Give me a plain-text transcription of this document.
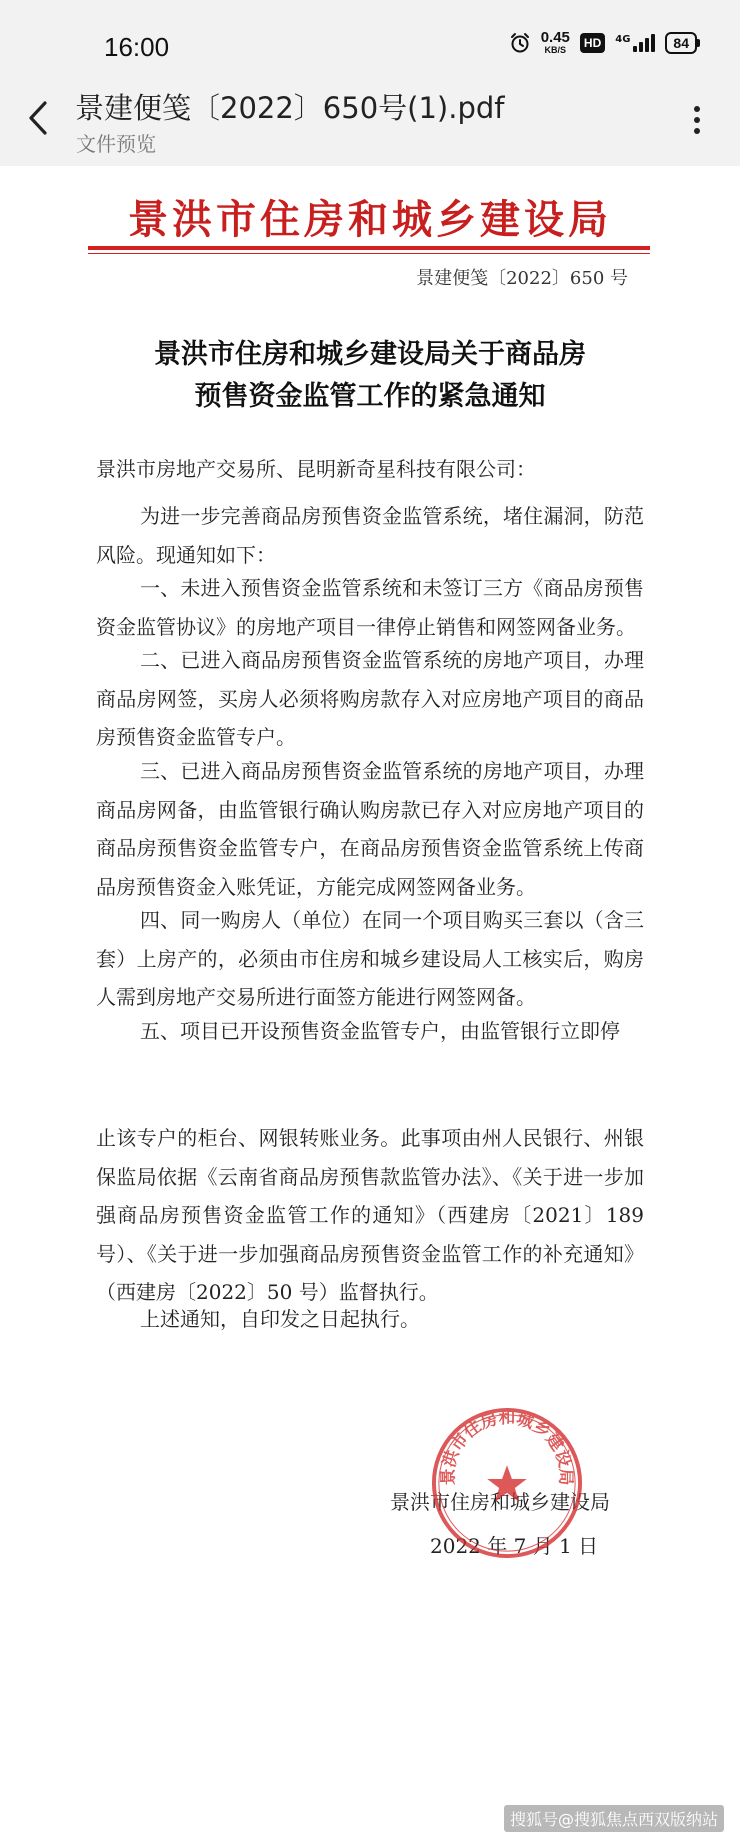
16:00	0.45
KB/S
HD	4G	84
景建便笺〔2022〕650号(1).pdf
文件预览
景洪市住房和城乡建设局
景建便笺〔2022〕650 号
景洪市住房和城乡建设局关于商品房
预售资金监管工作的紧急通知
景洪市房地产交易所、昆明新奇星科技有限公司：

为进一步完善商品房预售资金监管系统，堵住漏洞，防范风险。现通知如下：

一、未进入预售资金监管系统和未签订三方《商品房预售资金监管协议》的房地产项目一律停止销售和网签网备业务。

二、已进入商品房预售资金监管系统的房地产项目，办理商品房网签，买房人必须将购房款存入对应房地产项目的商品房预售资金监管专户。

三、已进入商品房预售资金监管系统的房地产项目，办理商品房网备，由监管银行确认购房款已存入对应房地产项目的商品房预售资金监管专户，在商品房预售资金监管系统上传商品房预售资金入账凭证，方能完成网签网备业务。

四、同一购房人（单位）在同一个项目购买三套以（含三套）上房产的，必须由市住房和城乡建设局人工核实后，购房人需到房地产交易所进行面签方能进行网签网备。

五、项目已开设预售资金监管专户，由监管银行立即停

止该专户的柜台、网银转账业务。此事项由州人民银行、州银保监局依据《云南省商品房预售款监管办法》、《关于进一步加强商品房预售资金监管工作的通知》（西建房〔2021〕189 号）、《关于进一步加强商品房预售资金监管工作的补充通知》（西建房〔2022〕50 号）监督执行。

上述通知，自印发之日起执行。

景洪市住房和城乡建设局
2022 年 7 月 1 日
景洪市住房和城乡建设局
搜狐号@搜狐焦点西双版纳站
